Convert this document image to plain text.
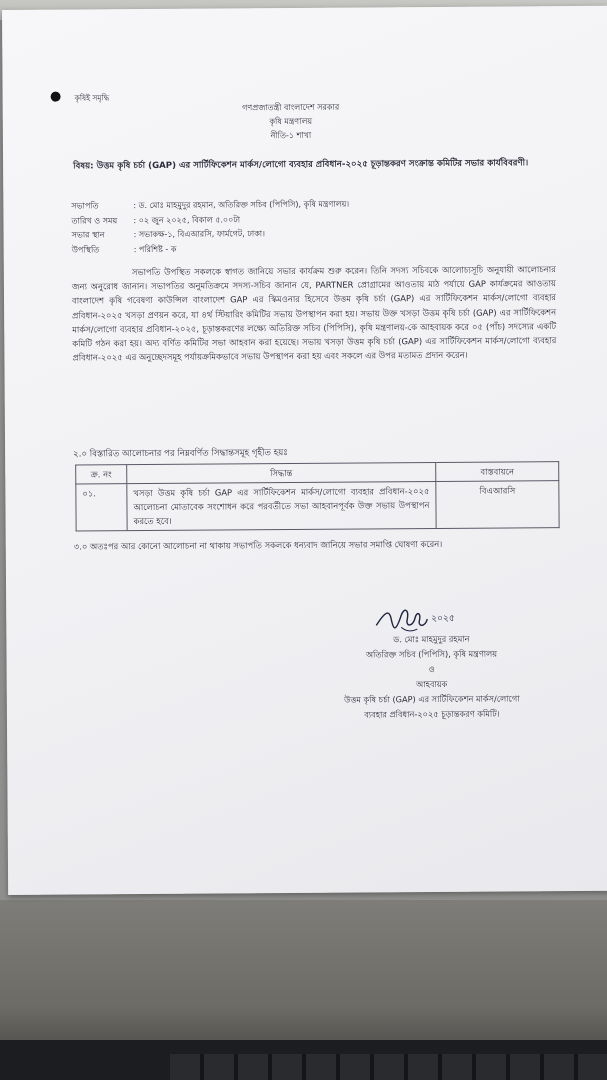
কৃষিই সমৃদ্ধি
গণপ্রজাতন্ত্রী বাংলাদেশ সরকার
কৃষি মন্ত্রণালয়
নীতি-১ শাখা
বিষয়: উত্তম কৃষি চর্চা (GAP) এর সার্টিফিকেশন মার্কস/লোগো ব্যবহার প্রবিধান-২০২৫ চূড়ান্তকরণ সংক্রান্ত কমিটির সভার কার্যবিবরণী।
সভাপতি	: ড. মোঃ মাহমুদুর রহমান, অতিরিক্ত সচিব (পিপিসি), কৃষি মন্ত্রণালয়।
তারিখ ও সময়	: ০২ জুন ২০২৫, বিকাল ৫.০০টা
সভার স্থান	: সভাকক্ষ-১, বিএআরসি, ফার্মগেট, ঢাকা।
উপস্থিতি	: পরিশিষ্ট - ক
সভাপতি উপস্থিত সকলকে স্বাগত জানিয়ে সভার কার্যক্রম শুরু করেন। তিনি সদস্য সচিবকে আলোচ্যসূচি অনুযায়ী আলোচনার জন্য অনুরোধ জানান। সভাপতির অনুমতিক্রমে সদস্য-সচিব জানান যে, PARTNER প্রোগ্রামের আওতায় মাঠ পর্যায়ে GAP কার্যক্রমের আওতায় বাংলাদেশ কৃষি গবেষণা কাউন্সিল বাংলাদেশ GAP এর স্কিমওনার হিসেবে উত্তম কৃষি চর্চা (GAP) এর সার্টিফিকেশন মার্কস/লোগো ব্যবহার প্রবিধান-২০২৫ খসড়া প্রণয়ন করে, যা ৪র্থ স্টিয়ারিং কমিটির সভায় উপস্থাপন করা হয়। সভায় উক্ত খসড়া উত্তম কৃষি চর্চা (GAP) এর সার্টিফিকেশন মার্কস/লোগো ব্যবহার প্রবিধান-২০২৫, চূড়ান্তকরণের লক্ষ্যে অতিরিক্ত সচিব (পিপিসি), কৃষি মন্ত্রণালয়-কে আহবায়ক করে ০৫ (পাঁচ) সদস্যের একটি কমিটি গঠন করা হয়। অদ্য বর্ণিত কমিটির সভা আহবান করা হয়েছে। সভায় খসড়া উত্তম কৃষি চর্চা (GAP) এর সার্টিফিকেশন মার্কস/লোগো ব্যবহার প্রবিধান-২০২৫ এর অনুচ্ছেদসমূহ পর্যায়ক্রমিকভাবে সভায় উপস্থাপন করা হয় এবং সকলে এর উপর মতামত প্রদান করেন।
২.০ বিস্তারিত আলোচনার পর নিম্নবর্ণিত সিদ্ধান্তসমূহ গৃহীত হয়ঃ
ক্র. নং	সিদ্ধান্ত	বাস্তবায়নে
০১.	খসড়া উত্তম কৃষি চর্চা GAP এর সার্টিফিকেশন মার্কস/লোগো ব্যবহার প্রবিধান-২০২৫ আলোচনা মোতাবেক সংশোধন করে পরবর্তীতে সভা আহবানপূর্বক উক্ত সভায় উপস্থাপন করতে হবে।	বিএআরসি
৩.০ অতঃপর আর কোনো আলোচনা না থাকায় সভাপতি সকলকে ধন্যবাদ জানিয়ে সভার সমাপ্তি ঘোষণা করেন।
২০২৫
ড. মোঃ মাহমুদুর রহমান
অতিরিক্ত সচিব (পিপিসি), কৃষি মন্ত্রণালয়
ও
আহবায়ক
উত্তম কৃষি চর্চা (GAP) এর সার্টিফিকেশন মার্কস/লোগো
ব্যবহার প্রবিধান-২০২৫ চূড়ান্তকরণ কমিটি।
